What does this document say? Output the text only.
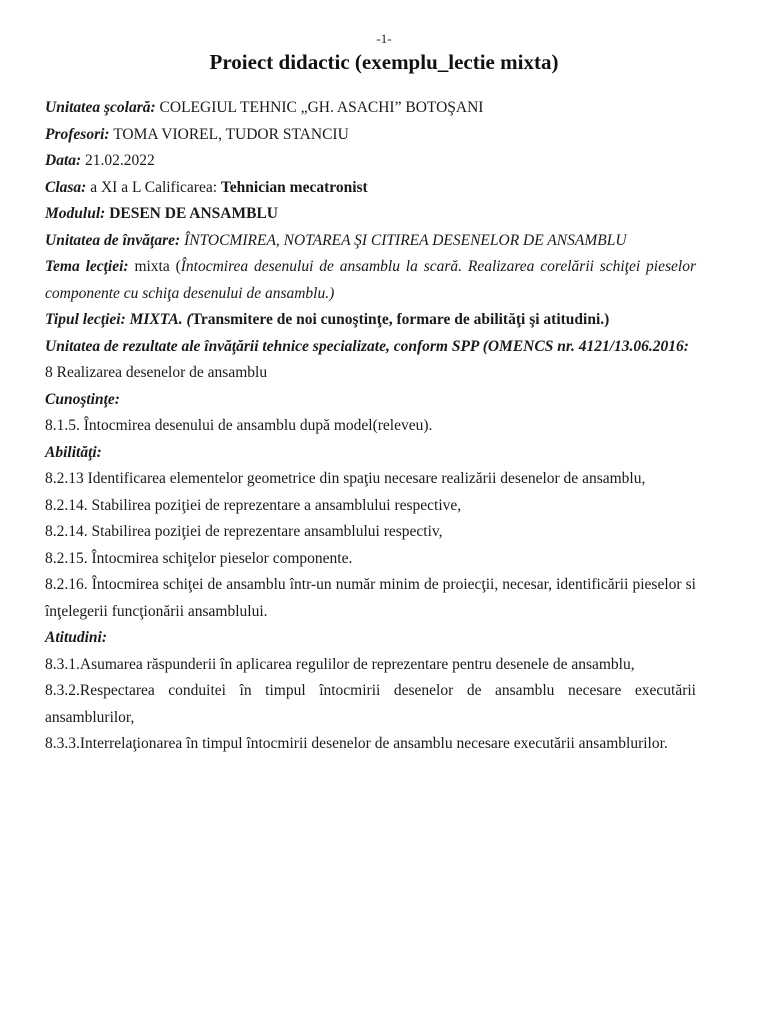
-1-
Proiect didactic (exemplu_lectie mixta)
Unitatea şcolară: COLEGIUL TEHNIC „GH. ASACHI” BOTOŞANI
Profesori: TOMA VIOREL, TUDOR STANCIU
Data: 21.02.2022
Clasa: a XI a L Calificarea: Tehnician mecatronist
Modulul: DESEN DE ANSAMBLU
Unitatea de învăţare: ÎNTOCMIREA, NOTAREA ŞI CITIREA DESENELOR DE ANSAMBLU
Tema lecţiei: mixta (Întocmirea desenului de ansamblu la scară. Realizarea corelării schiţei pieselor componente cu schiţa desenului de ansamblu.)
Tipul lecţiei: MIXTA. (Transmitere de noi cunoştinţe, formare de abilităţi şi atitudini.)
Unitatea de rezultate ale învăţării tehnice specializate, conform SPP (OMENCS nr. 4121/13.06.2016:
8 Realizarea desenelor de ansamblu
Cunoştinţe:
8.1.5. Întocmirea desenului de ansamblu după model(releveu).
Abilităţi:
8.2.13 Identificarea elementelor geometrice din spaţiu necesare realizării desenelor de ansamblu,
8.2.14. Stabilirea poziţiei de reprezentare a ansamblului respective,
8.2.14. Stabilirea poziţiei de reprezentare ansamblului respectiv,
8.2.15. Întocmirea schiţelor pieselor componente.
8.2.16. Întocmirea schiţei de ansamblu într-un număr minim de proiecţii, necesar, identificării pieselor si înţelegerii funcţionării ansamblului.
Atitudini:
8.3.1.Asumarea răspunderii în aplicarea regulilor de reprezentare pentru desenele de ansamblu,
8.3.2.Respectarea conduitei în timpul întocmirii desenelor de ansamblu necesare executării ansamblurilor,
8.3.3.Interrelaţionarea în timpul întocmirii desenelor de ansamblu necesare executării ansamblurilor.
